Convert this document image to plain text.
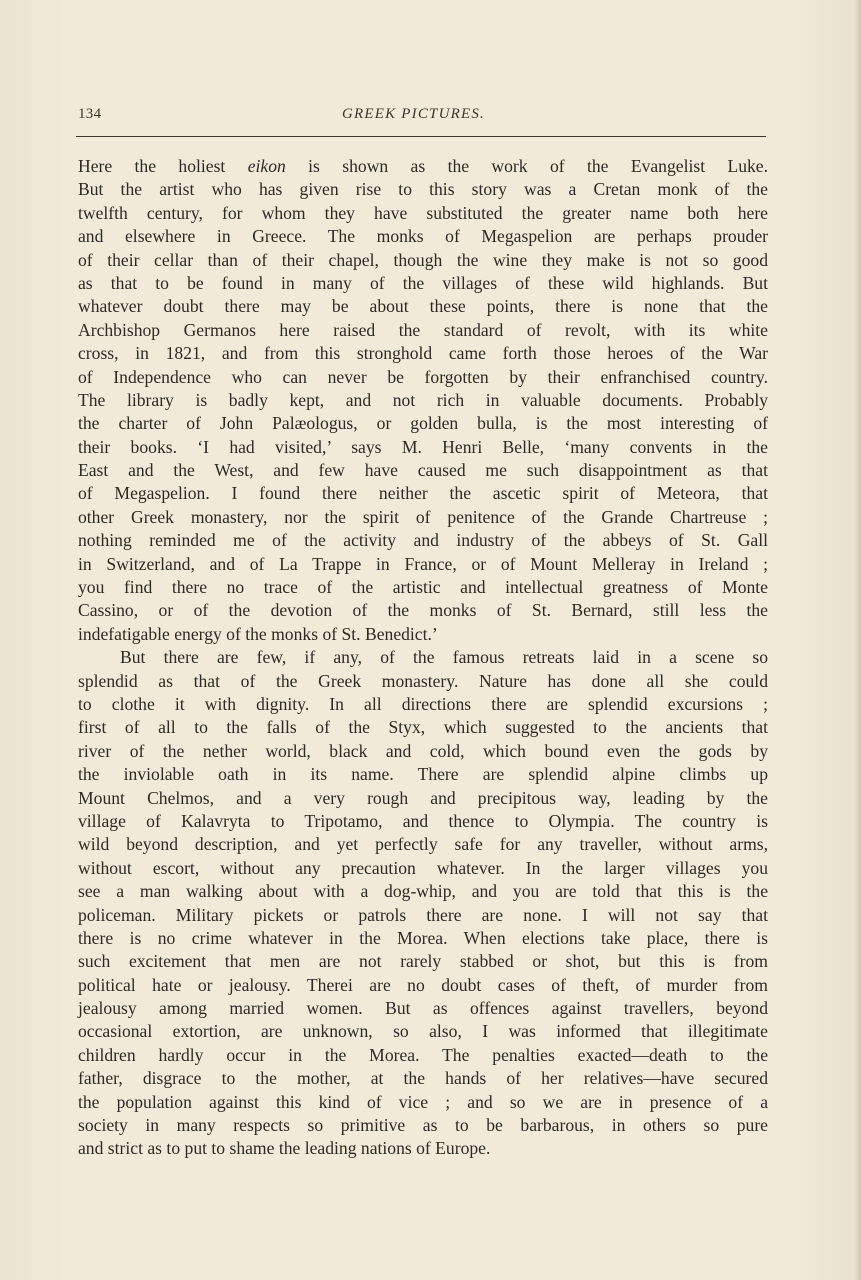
134	GREEK PICTURES.
Here the holiest eikon is shown as the work of the Evangelist Luke.
But the artist who has given rise to this story was a Cretan monk of the
twelfth century, for whom they have substituted the greater name both here
and elsewhere in Greece. The monks of Megaspelion are perhaps prouder
of their cellar than of their chapel, though the wine they make is not so good
as that to be found in many of the villages of these wild highlands. But
whatever doubt there may be about these points, there is none that the
Archbishop Germanos here raised the standard of revolt, with its white
cross, in 1821, and from this stronghold came forth those heroes of the War
of Independence who can never be forgotten by their enfranchised country.
The library is badly kept, and not rich in valuable documents. Probably
the charter of John Palæologus, or golden bulla, is the most interesting of
their books. ‘I had visited,’ says M. Henri Belle, ‘many convents in the
East and the West, and few have caused me such disappointment as that
of Megaspelion. I found there neither the ascetic spirit of Meteora, that
other Greek monastery, nor the spirit of penitence of the Grande Chartreuse ;
nothing reminded me of the activity and industry of the abbeys of St. Gall
in Switzerland, and of La Trappe in France, or of Mount Melleray in Ireland ;
you find there no trace of the artistic and intellectual greatness of Monte
Cassino, or of the devotion of the monks of St. Bernard, still less the
indefatigable energy of the monks of St. Benedict.’
But there are few, if any, of the famous retreats laid in a scene so
splendid as that of the Greek monastery. Nature has done all she could
to clothe it with dignity. In all directions there are splendid excursions ;
first of all to the falls of the Styx, which suggested to the ancients that
river of the nether world, black and cold, which bound even the gods by
the inviolable oath in its name. There are splendid alpine climbs up
Mount Chelmos, and a very rough and precipitous way, leading by the
village of Kalavryta to Tripotamo, and thence to Olympia. The country is
wild beyond description, and yet perfectly safe for any traveller, without arms,
without escort, without any precaution whatever. In the larger villages you
see a man walking about with a dog-whip, and you are told that this is the
policeman. Military pickets or patrols there are none. I will not say that
there is no crime whatever in the Morea. When elections take place, there is
such excitement that men are not rarely stabbed or shot, but this is from
political hate or jealousy. Therei are no doubt cases of theft, of murder from
jealousy among married women. But as offences against travellers, beyond
occasional extortion, are unknown, so also, I was informed that illegitimate
children hardly occur in the Morea. The penalties exacted—death to the
father, disgrace to the mother, at the hands of her relatives—have secured
the population against this kind of vice ; and so we are in presence of a
society in many respects so primitive as to be barbarous, in others so pure
and strict as to put to shame the leading nations of Europe.
